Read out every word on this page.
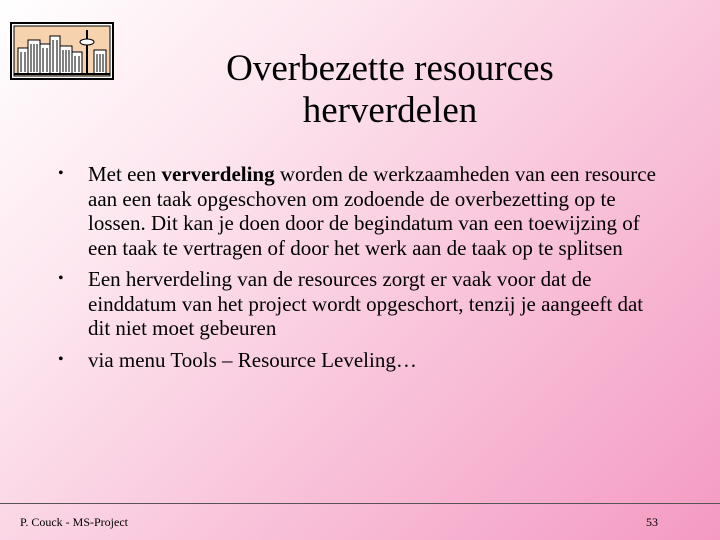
Overbezette resources
herverdelen
• Met een ververdeling worden de werkzaamheden van een resource aan een taak opgeschoven om zodoende de overbezetting op te lossen. Dit kan je doen door de begindatum van een toewijzing of een taak te vertragen of door het werk aan de taak op te splitsen
• Een herverdeling van de resources zorgt er vaak voor dat de einddatum van het project wordt opgeschort, tenzij je aangeeft dat dit niet moet gebeuren
• via menu Tools – Resource Leveling…
P. Couck - MS-Project	53
